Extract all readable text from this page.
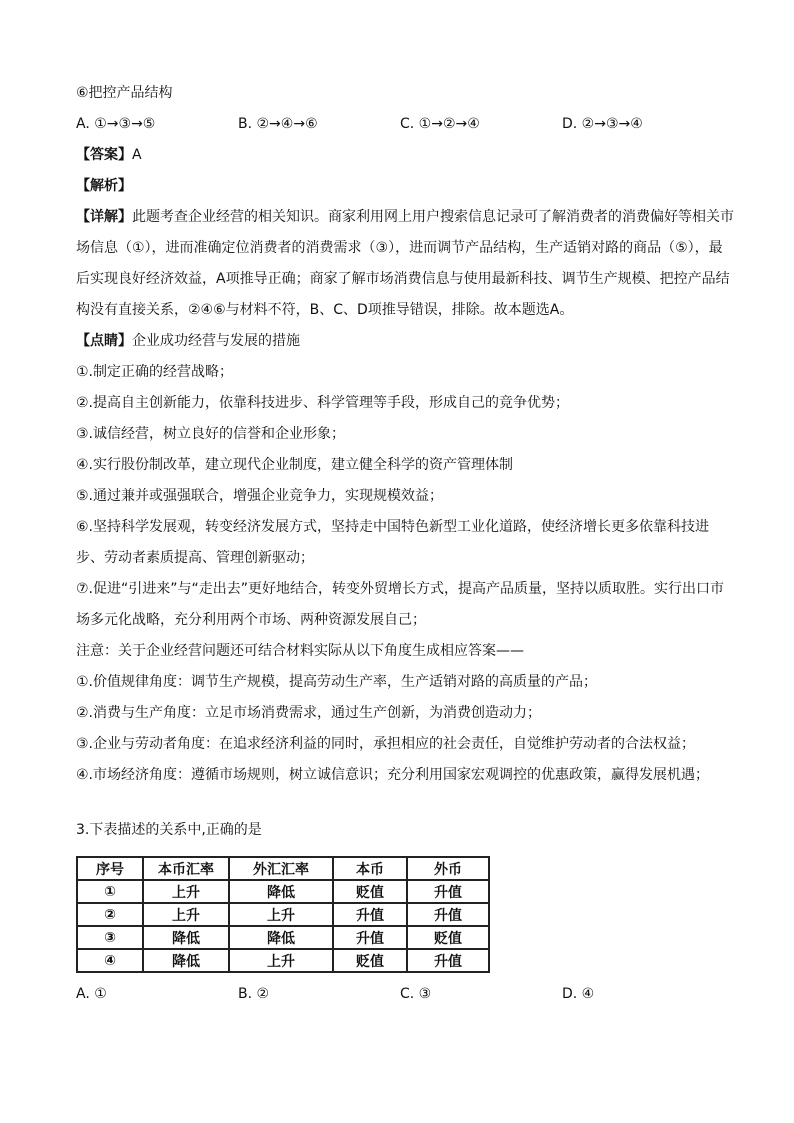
⑥把控产品结构
A. ①→③→⑤	B. ②→④→⑥	C. ①→②→④	D. ②→③→④
【答案】A
【解析】
【详解】此题考查企业经营的相关知识。商家利用网上用户搜索信息记录可了解消费者的消费偏好等相关市场信息（①），进而准确定位消费者的消费需求（③），进而调节产品结构，生产适销对路的商品（⑤），最后实现良好经济效益，A项推导正确；商家了解市场消费信息与使用最新科技、调节生产规模、把控产品结构没有直接关系，②④⑥与材料不符，B、C、D项推导错误，排除。故本题选A。
【点睛】企业成功经营与发展的措施
①.制定正确的经营战略；
②.提高自主创新能力，依靠科技进步、科学管理等手段，形成自己的竞争优势；
③.诚信经营，树立良好的信誉和企业形象；
④.实行股份制改革，建立现代企业制度，建立健全科学的资产管理体制
⑤.通过兼并或强强联合，增强企业竞争力，实现规模效益；
⑥.坚持科学发展观，转变经济发展方式，坚持走中国特色新型工业化道路，使经济增长更多依靠科技进步、劳动者素质提高、管理创新驱动；
⑦.促进“引进来”与“走出去”更好地结合，转变外贸增长方式，提高产品质量，坚持以质取胜。实行出口市场多元化战略，充分利用两个市场、两种资源发展自己；
注意：关于企业经营问题还可结合材料实际从以下角度生成相应答案——
①.价值规律角度：调节生产规模，提高劳动生产率，生产适销对路的高质量的产品；
②.消费与生产角度：立足市场消费需求，通过生产创新，为消费创造动力；
③.企业与劳动者角度：在追求经济利益的同时，承担相应的社会责任，自觉维护劳动者的合法权益；
④.市场经济角度：遵循市场规则，树立诚信意识；充分利用国家宏观调控的优惠政策，赢得发展机遇；
3.下表描述的关系中,正确的是
序号	本币汇率	外汇汇率	本币	外币
①	上升	降低	贬值	升值
②	上升	上升	升值	升值
③	降低	降低	升值	贬值
④	降低	上升	贬值	升值
A. ①	B. ②	C. ③	D. ④
